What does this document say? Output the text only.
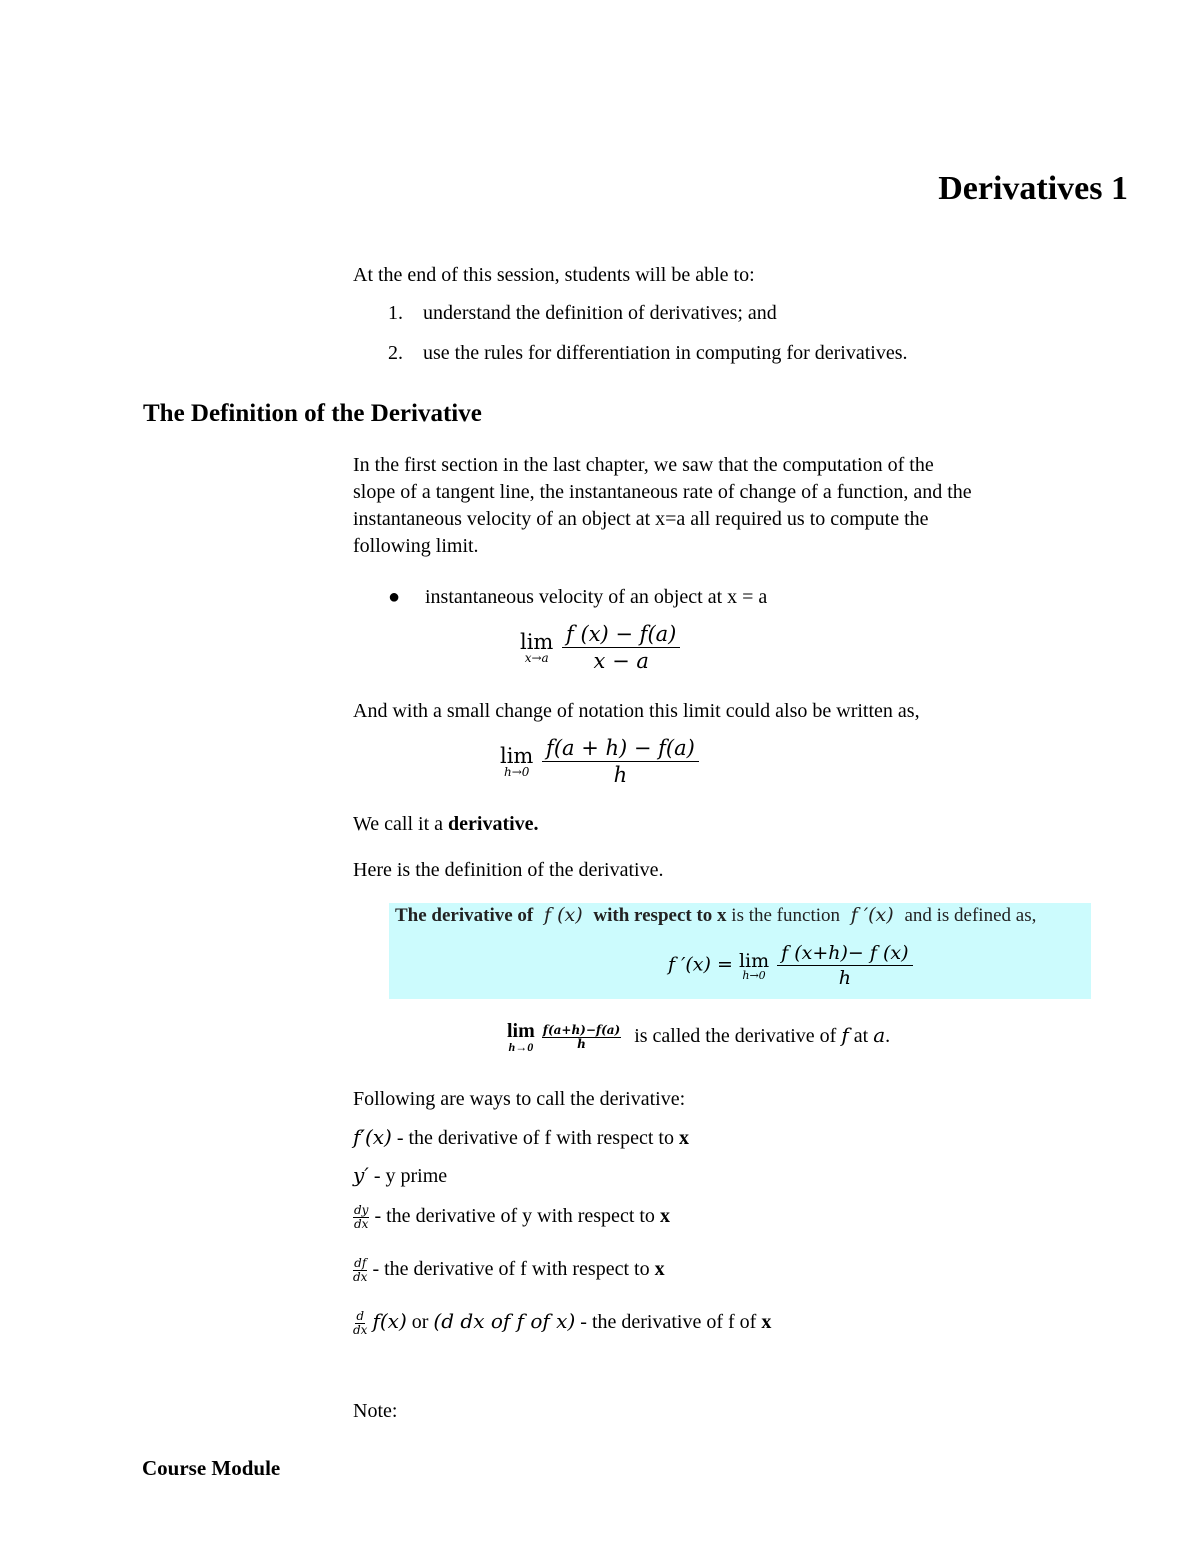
Derivatives 1
At the end of this session, students will be able to:
1. understand the definition of derivatives; and
2. use the rules for differentiation in computing for derivatives.
The Definition of the Derivative
In the first section in the last chapter, we saw that the computation of the
slope of a tangent line, the instantaneous rate of change of a function, and the
instantaneous velocity of an object at x=a all required us to compute the
following limit.
● instantaneous velocity of an object at x = a
lim
x→a
$\frac{f (x) - f(a)}{x - a}$
And with a small change of notation this limit could also be written as,
lim
h→0
$\frac{f(a + h) - f(a)}{h}$
We call it a derivative.
Here is the definition of the derivative.
The derivative of f (x) with respect to x is the function f ′(x) and is defined as,
f ′(x) = lim
h→0
$\frac{f (x+h)- f (x)}{h}$
lim
h→0
$\frac{f(a+h)-f(a)}{h}$ is called the derivative of f at a.
Following are ways to call the derivative:
f′(x) - the derivative of f with respect to x
y′ - y prime
$\frac{dy}{dx}$ - the derivative of y with respect to x
$\frac{df}{dx}$ - the derivative of f with respect to x
$\frac{d}{dx} f(x)$ or (d dx of f of x) - the derivative of f of x
Note:
Course Module
